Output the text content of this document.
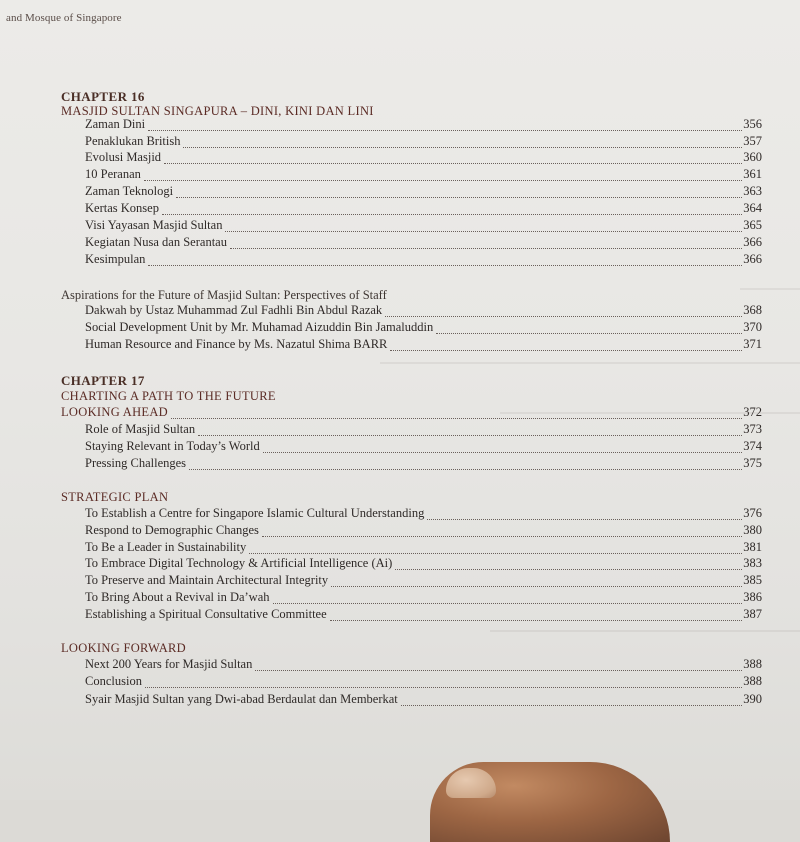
and Mosque of Singapore
CHAPTER 16
MASJID SULTAN SINGAPURA – DINI, KINI DAN LINI
Zaman Dini	356
Penaklukan British	357
Evolusi Masjid	360
10 Peranan	361
Zaman Teknologi	363
Kertas Konsep	364
Visi Yayasan Masjid Sultan	365
Kegiatan Nusa dan Serantau	366
Kesimpulan	366
Aspirations for the Future of Masjid Sultan: Perspectives of Staff
Dakwah by Ustaz Muhammad Zul Fadhli Bin Abdul Razak	368
Social Development Unit by Mr. Muhamad Aizuddin Bin Jamaluddin	370
Human Resource and Finance by Ms. Nazatul Shima BARR	371
CHAPTER 17
CHARTING A PATH TO THE FUTURE
LOOKING AHEAD	372
Role of Masjid Sultan	373
Staying Relevant in Today’s World	374
Pressing Challenges	375
STRATEGIC PLAN
To Establish a Centre for Singapore Islamic Cultural Understanding	376
Respond to Demographic Changes	380
To Be a Leader in Sustainability	381
To Embrace Digital Technology & Artificial Intelligence (Ai)	383
To Preserve and Maintain Architectural Integrity	385
To Bring About a Revival in Da’wah	386
Establishing a Spiritual Consultative Committee	387
LOOKING FORWARD
Next 200 Years for Masjid Sultan	388
Conclusion	388
Syair Masjid Sultan yang Dwi-abad Berdaulat dan Memberkat	390
